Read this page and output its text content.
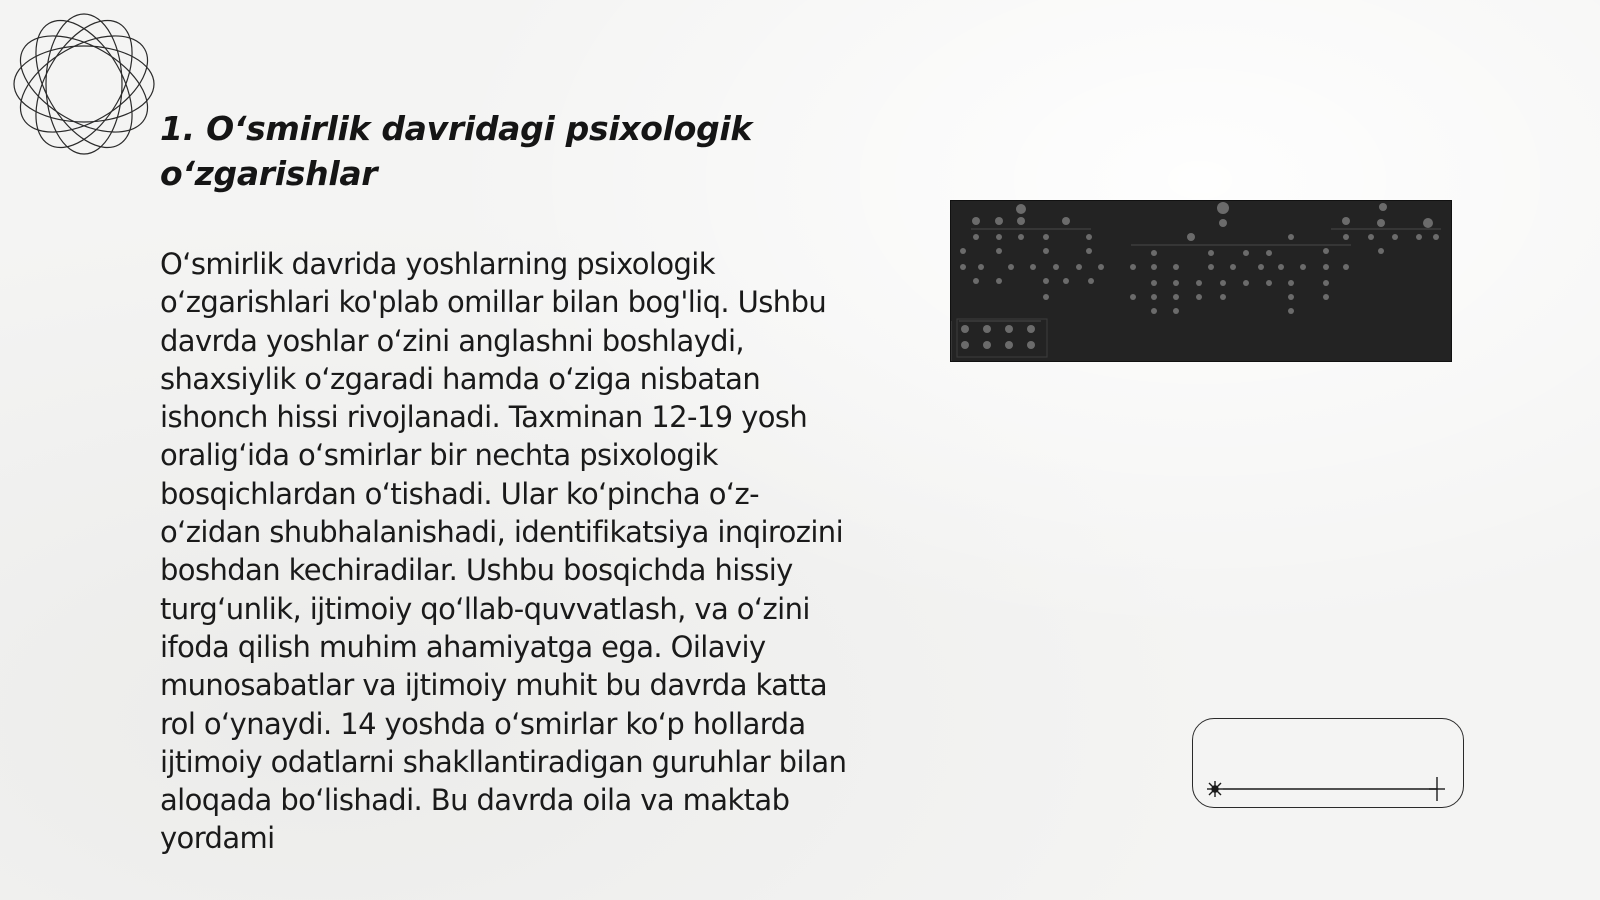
1. O‘smirlik davridagi psixologik o‘zgarishlar

O‘smirlik davrida yoshlarning psixologik o‘zgarishlari ko'plab omillar bilan bog'liq. Ushbu davrda yoshlar o‘zini anglashni boshlaydi, shaxsiylik o‘zgaradi hamda o‘ziga nisbatan ishonch hissi rivojlanadi. Taxminan 12-19 yosh oralig‘ida o‘smirlar bir nechta psixologik bosqichlardan o‘tishadi. Ular ko‘pincha o‘z-o‘zidan shubhalanishadi, identifikatsiya inqirozini boshdan kechiradilar. Ushbu bosqichda hissiy turg‘unlik, ijtimoiy qo‘llab-quvvatlash, va o‘zini ifoda qilish muhim ahamiyatga ega. Oilaviy munosabatlar va ijtimoiy muhit bu davrda katta rol o‘ynaydi. 14 yoshda o‘smirlar ko‘p hollarda ijtimoiy odatlarni shakllantiradigan guruhlar bilan aloqada bo‘lishadi. Bu davrda oila va maktab yordami
